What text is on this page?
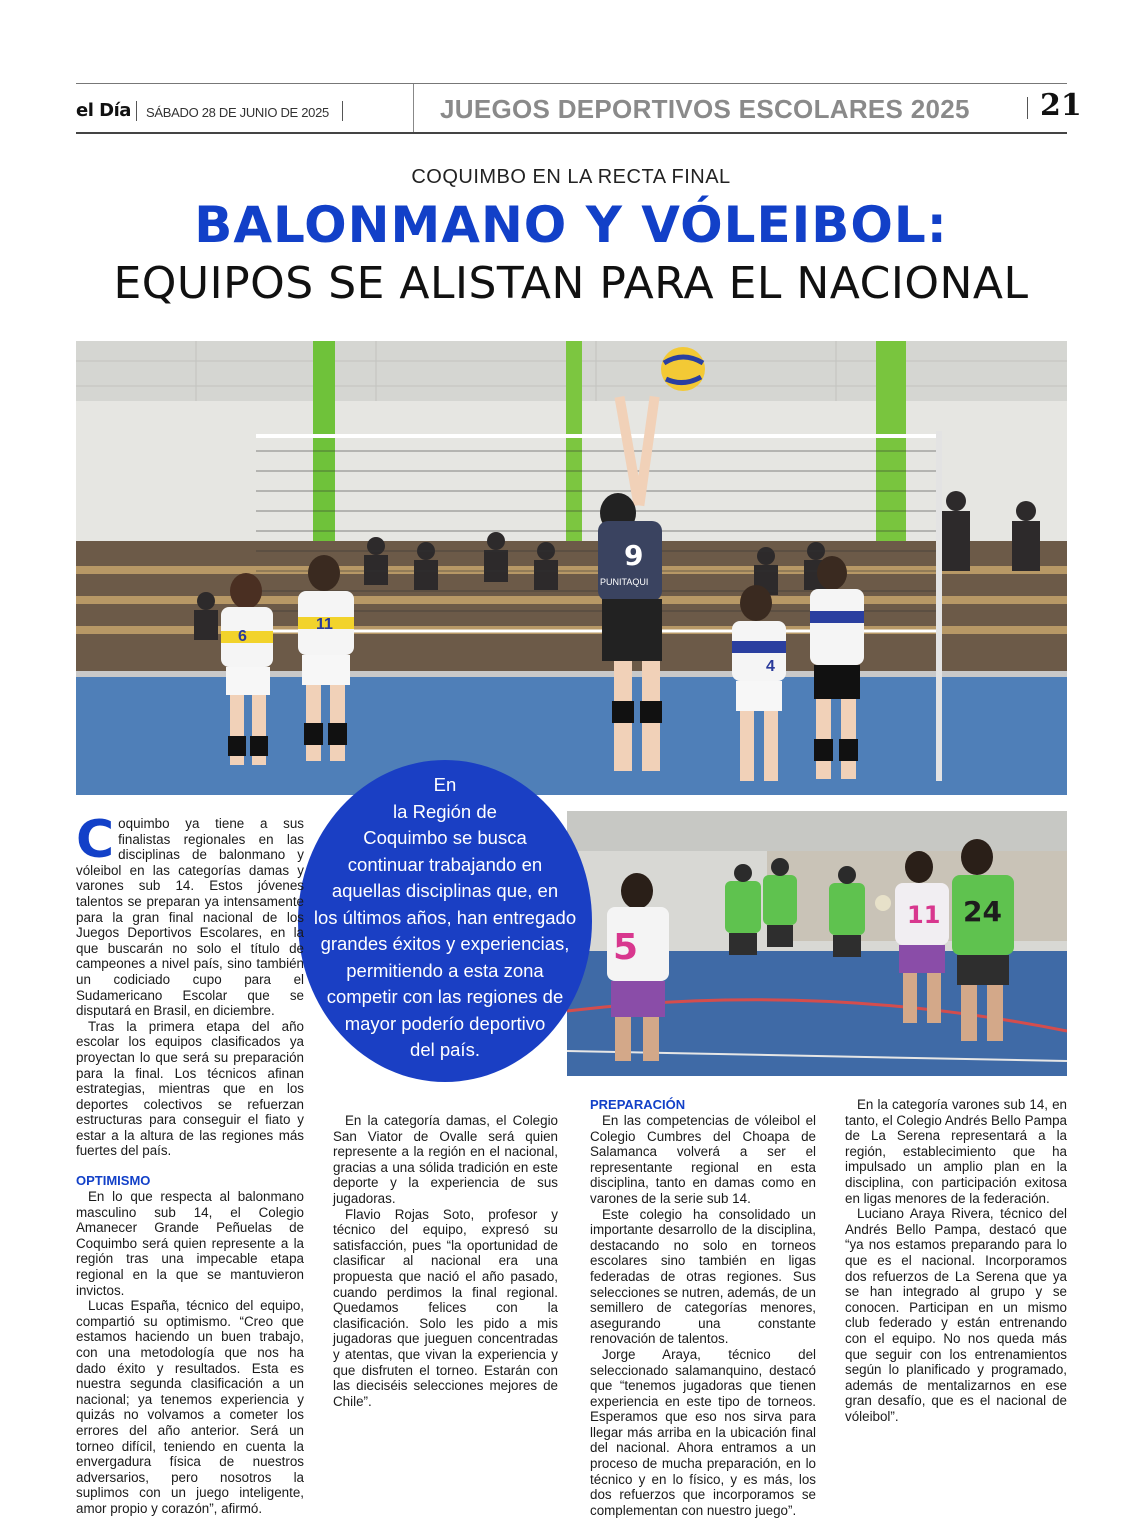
el Día SÁBADO 28 DE JUNIO DE 2025	JUEGOS DEPORTIVOS ESCOLARES 2025 21
COQUIMBO EN LA RECTA FINAL
BALONMANO Y VÓLEIBOL:
EQUIPOS SE ALISTAN PARA EL NACIONAL
9
PUNITAQUI
6
11
4
5
11 24

En
la Región de
Coquimbo se busca
continuar trabajando en
aquellas disciplinas que, en
los últimos años, han entregado
grandes éxitos y experiencias,
permitiendo a esta zona
competir con las regiones de
mayor poderío deportivo
del país.

Coquimbo ya tiene a sus finalistas regionales en las disciplinas de balonmano y vóleibol en las categorías damas y varones sub 14. Estos jóvenes talentos se preparan ya intensamente para la gran final nacional de los Juegos Deportivos Escolares, en la que buscarán no solo el título de campeones a nivel país, sino también un codiciado cupo para el Sudamericano Escolar que se disputará en Brasil, en diciembre.

Tras la primera etapa del año escolar los equipos clasificados ya proyectan lo que será su preparación para la final. Los técnicos afinan estrategias, mientras que en los deportes colectivos se refuerzan estructuras para conseguir el fiato y estar a la altura de las regiones más fuertes del país.

OPTIMISMO

En lo que respecta al balonmano masculino sub 14, el Colegio Amanecer Grande Peñuelas de Coquimbo será quien represente a la región tras una impecable etapa regional en la que se mantuvieron invictos.

Lucas España, técnico del equipo, compartió su optimismo. “Creo que estamos haciendo un buen trabajo, con una metodología que nos ha dado éxito y resultados. Esta es nuestra segunda clasificación a un nacional; ya tenemos experiencia y quizás no volvamos a cometer los errores del año anterior. Será un torneo difícil, teniendo en cuenta la envergadura física de nuestros adversarios, pero nosotros la suplimos con un juego inteligente, amor propio y corazón”, afirmó.

En la categoría damas, el Colegio San Viator de Ovalle será quien represente a la región en el nacional, gracias a una sólida tradición en este deporte y la experiencia de sus jugadoras.

Flavio Rojas Soto, profesor y técnico del equipo, expresó su satisfacción, pues “la oportunidad de clasificar al nacional era una propuesta que nació el año pasado, cuando perdimos la final regional. Quedamos felices con la clasificación. Solo les pido a mis jugadoras que jueguen concentradas y atentas, que vivan la experiencia y que disfruten el torneo. Estarán con las dieciséis selecciones mejores de Chile”.

PREPARACIÓN

En las competencias de vóleibol el Colegio Cumbres del Choapa de Salamanca volverá a ser el representante regional en esta disciplina, tanto en damas como en varones de la serie sub 14.

Este colegio ha consolidado un importante desarrollo de la disciplina, destacando no solo en torneos escolares sino también en ligas federadas de otras regiones. Sus selecciones se nutren, además, de un semillero de categorías menores, asegurando una constante renovación de talentos.

Jorge Araya, técnico del seleccionado salamanquino, destacó que “tenemos jugadoras que tienen experiencia en este tipo de torneos. Esperamos que eso nos sirva para llegar más arriba en la ubicación final del nacional. Ahora entramos a un proceso de mucha preparación, en lo técnico y en lo físico, y es más, los dos refuerzos que incorporamos se complementan con nuestro juego”.

En la categoría varones sub 14, en tanto, el Colegio Andrés Bello Pampa de La Serena representará a la región, establecimiento que ha impulsado un amplio plan en la disciplina, con participación exitosa en ligas menores de la federación.

Luciano Araya Rivera, técnico del Andrés Bello Pampa, destacó que “ya nos estamos preparando para lo que es el nacional. Incorporamos dos refuerzos de La Serena que ya se han integrado al grupo y se conocen. Participan en un mismo club federado y están entrenando con el equipo. No nos queda más que seguir con los entrenamientos según lo planificado y programado, además de mentalizarnos en ese gran desafío, que es el nacional de vóleibol”.
